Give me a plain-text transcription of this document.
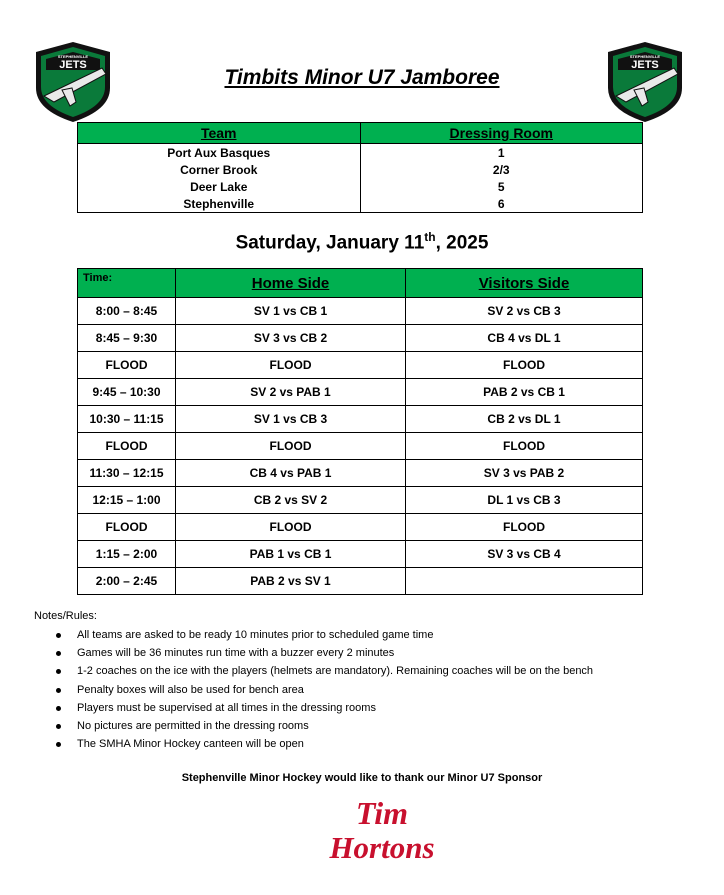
STEPHENVILLE
JETS
STEPHENVILLE
JETS
Timbits Minor U7 Jamboree
Team	Dressing Room
Port Aux Basques	1
Corner Brook	2/3
Deer Lake	5
Stephenville	6
Saturday, January 11th, 2025
Time:	Home Side	Visitors Side
8:00 – 8:45	SV 1 vs CB 1	SV 2 vs CB 3
8:45 – 9:30	SV 3 vs CB 2	CB 4 vs DL 1
FLOOD	FLOOD	FLOOD
9:45 – 10:30	SV 2 vs PAB 1	PAB 2 vs CB 1
10:30 – 11:15	SV 1 vs CB 3	CB 2 vs DL 1
FLOOD	FLOOD	FLOOD
11:30 – 12:15	CB 4 vs PAB 1	SV 3 vs PAB 2
12:15 – 1:00	CB 2 vs SV 2	DL 1 vs CB 3
FLOOD	FLOOD	FLOOD
1:15 – 2:00	PAB 1 vs CB 1	SV 3 vs CB 4
2:00 – 2:45	PAB 2 vs SV 1	
Notes/Rules:
All teams are asked to be ready 10 minutes prior to scheduled game time
Games will be 36 minutes run time with a buzzer every 2 minutes
1-2 coaches on the ice with the players (helmets are mandatory). Remaining coaches will be on the bench
Penalty boxes will also be used for bench area
Players must be supervised at all times in the dressing rooms
No pictures are permitted in the dressing rooms
The SMHA Minor Hockey canteen will be open
Stephenville Minor Hockey would like to thank our Minor U7 Sponsor
Tim
Hortons
